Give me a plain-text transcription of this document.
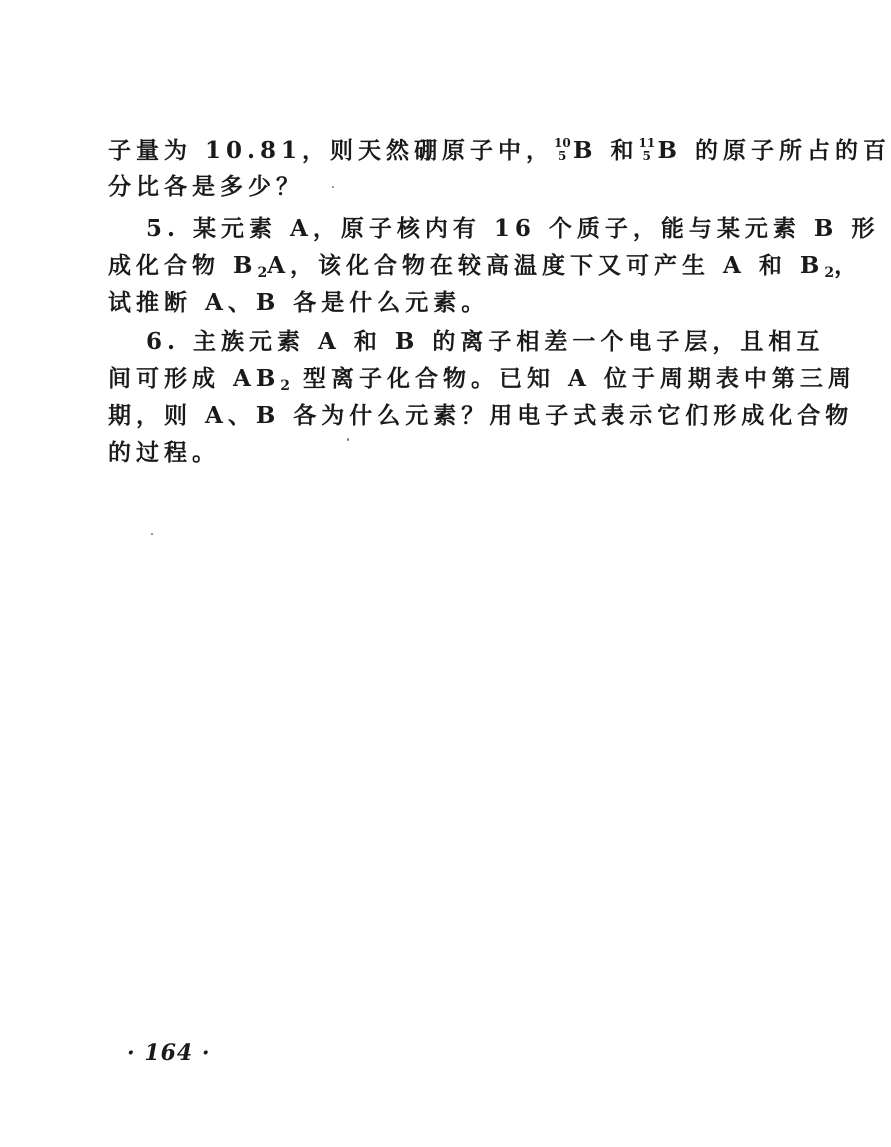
子量为 10.81，则天然硼原子中， 10
5 B 和 11
5 B 的原子所占的百
分比各是多少？
5. 某元素 A，原子核内有 16 个质子，能与某元素 B 形
成化合物 $B_2A$，该化合物在较高温度下又可产生 A 和 $B_2$，
试推断 A、B 各是什么元素。
6. 主族元素 A 和 B 的离子相差一个电子层，且相互
间可形成 $AB_2$ 型离子化合物。已知 A 位于周期表中第三周
期，则 A、B 各为什么元素？用电子式表示它们形成化合物
的过程。
· 164 ·
